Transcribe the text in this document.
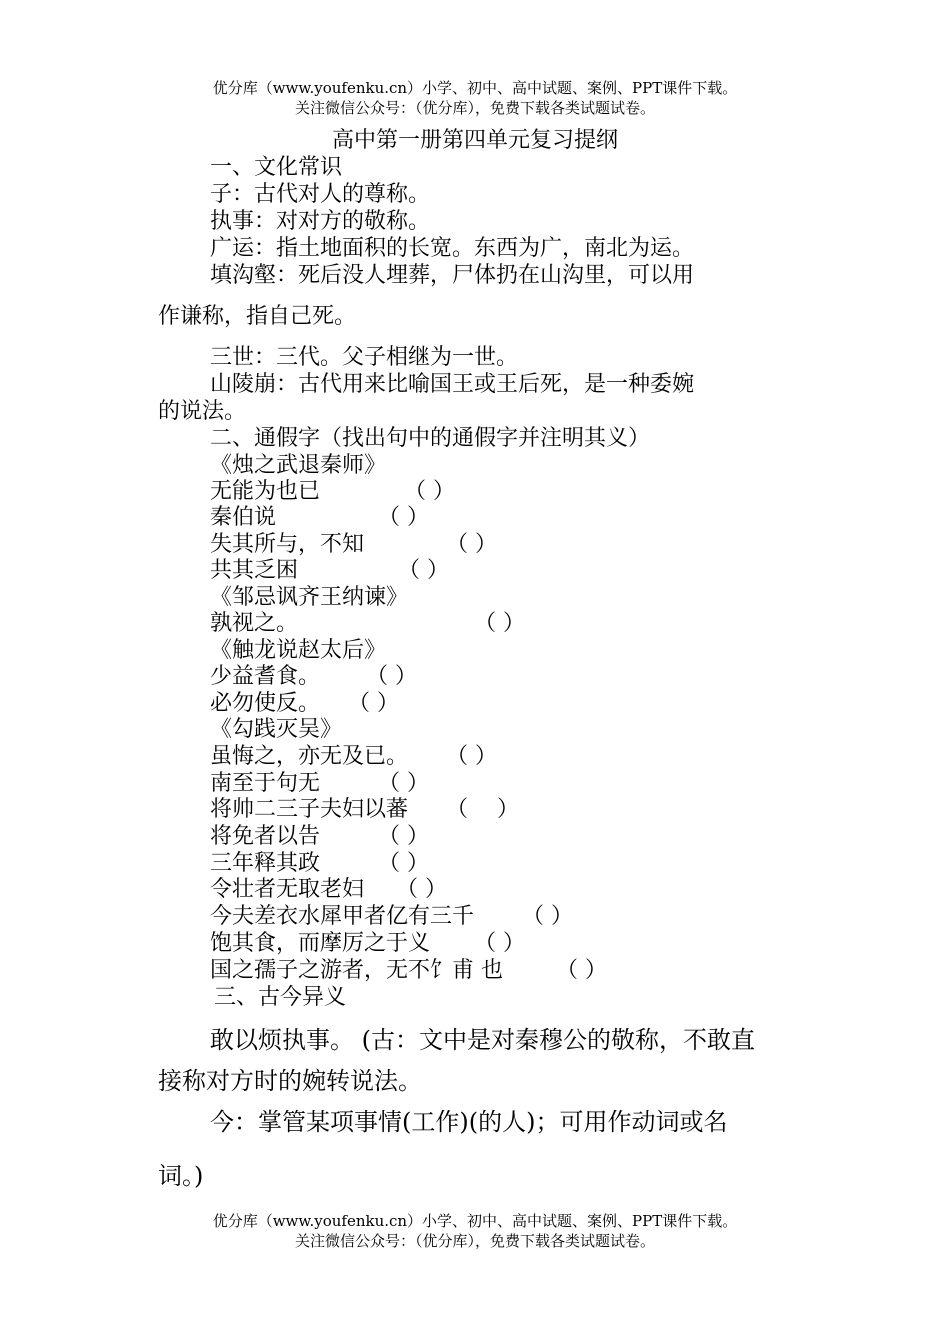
优分库（www.youfenku.cn）小学、初中、高中试题、案例、PPT课件下载。
关注微信公众号：（优分库），免费下载各类试题试卷。
高中第一册第四单元复习提纲
一、文化常识
子：古代对人的尊称。
执事：对对方的敬称。
广运：指土地面积的长宽。东西为广，南北为运。
填沟壑：死后没人埋葬，尸体扔在山沟里，可以用
作谦称，指自己死。
三世：三代。父子相继为一世。
山陵崩：古代用来比喻国王或王后死，是一种委婉
的说法。
二、通假字（找出句中的通假字并注明其义）
《烛之武退秦师》
无能为也已	（ ）
秦伯说	（ ）
失其所与，不知	（ ）
共其乏困	（ ）
《邹忌讽齐王纳谏》
孰视之。	（ ）
《触龙说赵太后》
少益耆食。 （ ）
必勿使反。 （ ）
《勾践灭吴》
虽悔之，亦无及已。 （ ）
南至于句无	（ ）
将帅二三子夫妇以蕃 （ 　）
将免者以告	（ ）
三年释其政	（ ）
令壮者无取老妇 （ ）
今夫差衣水犀甲者亿有三千 （ ）
饱其食，而摩厉之于义 （ ）
国之孺子之游者，无不饣甫 也 （ ）
三、古今异义
敢以烦执事。 (古：文中是对秦穆公的敬称，不敢直
接称对方时的婉转说法。
今：掌管某项事情(工作)(的人)；可用作动词或名
词。)
优分库（www.youfenku.cn）小学、初中、高中试题、案例、PPT课件下载。
关注微信公众号：（优分库），免费下载各类试题试卷。
